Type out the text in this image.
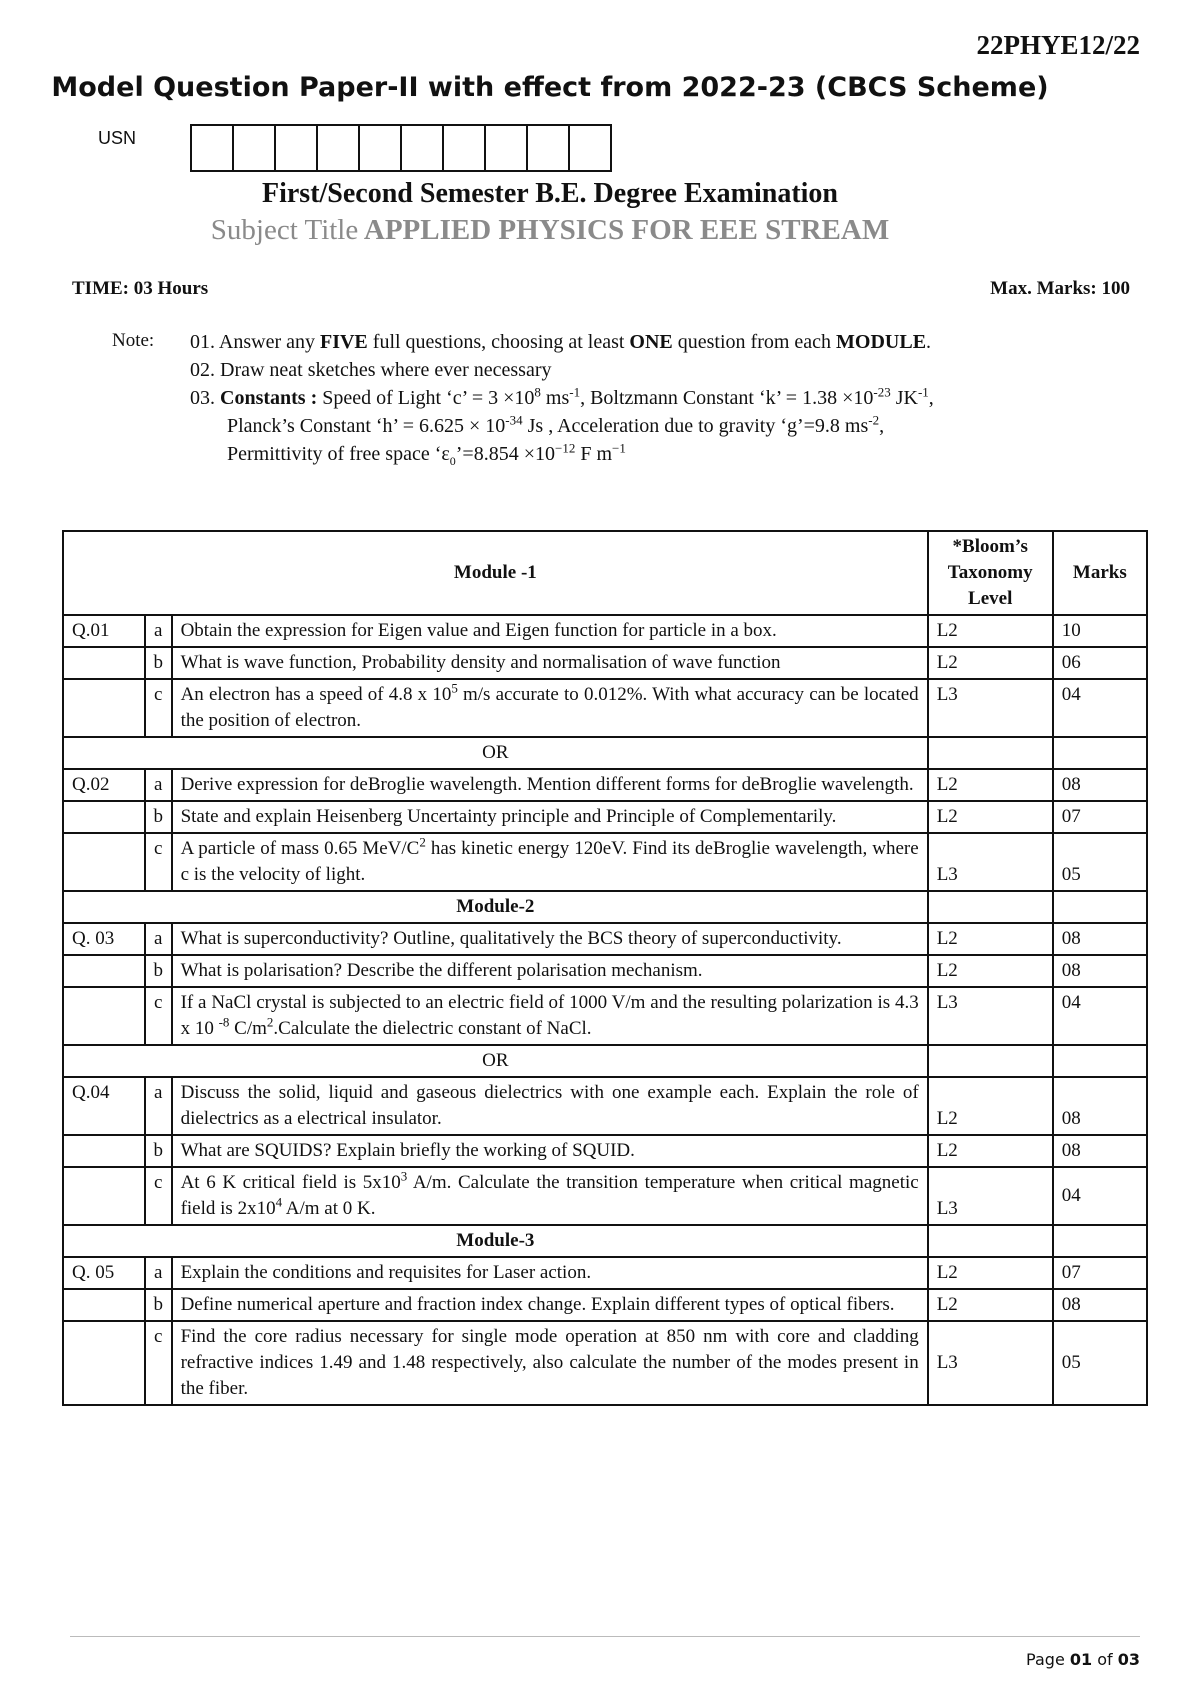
22PHYE12/22
Model Question Paper-II with effect from 2022-23 (CBCS Scheme)
USN
First/Second Semester B.E. Degree Examination
Subject Title APPLIED PHYSICS FOR EEE STREAM
TIME: 03 Hours	Max. Marks: 100
Note: 01. Answer any FIVE full questions, choosing at least ONE question from each MODULE.
02. Draw neat sketches where ever necessary
03. Constants : Speed of Light ‘c’ = $3 \times 10^8$ $ms^{-1}$, Boltzmann Constant ‘k’ = $1.38 \times 10^{-23}$ $JK^{-1}$,
Planck’s Constant ‘h’ = $6.625 \times 10^{-34}$ Js , Acceleration due to gravity ‘g’=9.8 $ms^{-2}$,
Permittivity of free space ‘$\varepsilon_0’=8.854 \times 10^{-12}$ F $m^{-1}$
Module -1			*Bloom’s Taxonomy Level	Marks
Q.01	a	Obtain the expression for Eigen value and Eigen function for particle in a box.	L2	10
	b	What is wave function, Probability density and normalisation of wave function	L2	06
	c	An electron has a speed of 4.8 x $10^5$ m/s accurate to 0.012%. With what accuracy can be located the position of electron.	L3	04
OR				
Q.02	a	Derive expression for deBroglie wavelength. Mention different forms for deBroglie wavelength.	L2	08
	b	State and explain Heisenberg Uncertainty principle and Principle of Complementarily.	L2	07
	c	A particle of mass 0.65 MeV/$C^2$ has kinetic energy 120eV. Find its deBroglie wavelength, where c is the velocity of light.	L3	05
Module-2				
Q. 03	a	What is superconductivity? Outline, qualitatively the BCS theory of superconductivity.	L2	08
	b	What is polarisation? Describe the different polarisation mechanism.	L2	08
	c	If a NaCl crystal is subjected to an electric field of 1000 V/m and the resulting polarization is 4.3 x 10 $^{-8}$ $C/m^2.Calculate$ the dielectric constant of NaCl.	L3	04
OR				
Q.04	a	Discuss the solid, liquid and gaseous dielectrics with one example each. Explain the role of dielectrics as a electrical insulator.	L2	08
	b	What are SQUIDS? Explain briefly the working of SQUID.	L2	08
	c	At 6 K critical field is $5x10^3$ A/m. Calculate the transition temperature when critical magnetic field is $2x10^4$ A/m at 0 K.	L3	04
Module-3				
Q. 05	a	Explain the conditions and requisites for Laser action.	L2	07
	b	Define numerical aperture and fraction index change. Explain different types of optical fibers.	L2	08
	c	Find the core radius necessary for single mode operation at 850 nm with core and cladding refractive indices 1.49 and 1.48 respectively, also calculate the number of the modes present in the fiber.	L3	05
Page 01 of 03
